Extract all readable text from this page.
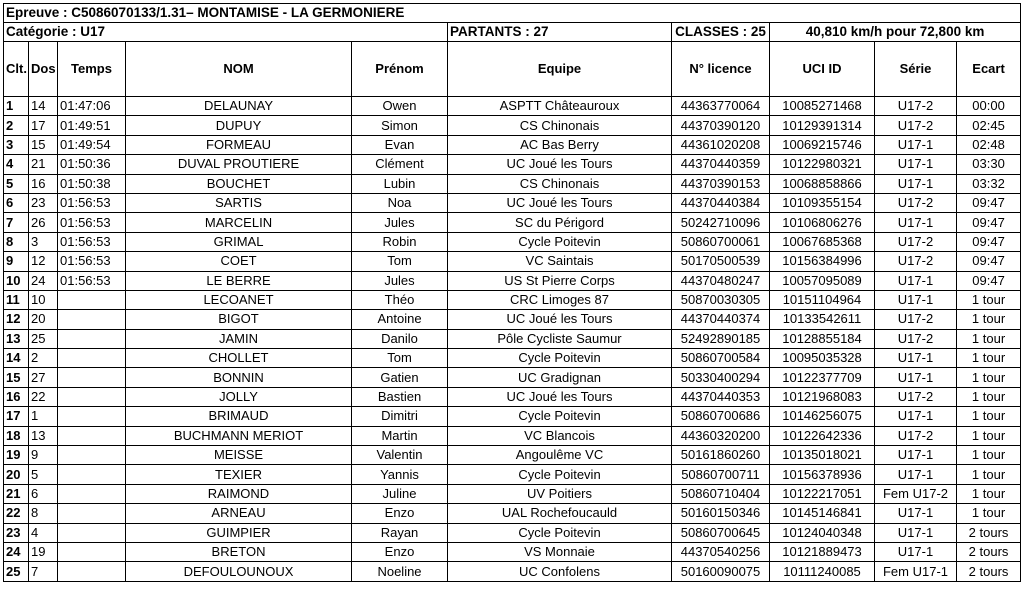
Epreuve : C5086070133/1.31– MONTAMISE - LA GERMONIERE									
Catégorie : U17					PARTANTS : 27	CLASSES : 25	40,810 km/h pour 72,800 km		
Clt.	Dos	Temps	NOM	Prénom	Equipe	N° licence	UCI ID	Série	Ecart
1	14	01:47:06	DELAUNAY	Owen	ASPTT Châteauroux	44363770064	10085271468	U17-2	00:00
2	17	01:49:51	DUPUY	Simon	CS Chinonais	44370390120	10129391314	U17-2	02:45
3	15	01:49:54	FORMEAU	Evan	AC Bas Berry	44361020208	10069215746	U17-1	02:48
4	21	01:50:36	DUVAL PROUTIERE	Clément	UC Joué les Tours	44370440359	10122980321	U17-1	03:30
5	16	01:50:38	BOUCHET	Lubin	CS Chinonais	44370390153	10068858866	U17-1	03:32
6	23	01:56:53	SARTIS	Noa	UC Joué les Tours	44370440384	10109355154	U17-2	09:47
7	26	01:56:53	MARCELIN	Jules	SC du Périgord	50242710096	10106806276	U17-1	09:47
8	3	01:56:53	GRIMAL	Robin	Cycle Poitevin	50860700061	10067685368	U17-2	09:47
9	12	01:56:53	COET	Tom	VC Saintais	50170500539	10156384996	U17-2	09:47
10	24	01:56:53	LE BERRE	Jules	US St Pierre Corps	44370480247	10057095089	U17-1	09:47
11	10		LECOANET	Théo	CRC Limoges 87	50870030305	10151104964	U17-1	1 tour
12	20		BIGOT	Antoine	UC Joué les Tours	44370440374	10133542611	U17-2	1 tour
13	25		JAMIN	Danilo	Pôle Cycliste Saumur	52492890185	10128855184	U17-2	1 tour
14	2		CHOLLET	Tom	Cycle Poitevin	50860700584	10095035328	U17-1	1 tour
15	27		BONNIN	Gatien	UC Gradignan	50330400294	10122377709	U17-1	1 tour
16	22		JOLLY	Bastien	UC Joué les Tours	44370440353	10121968083	U17-2	1 tour
17	1		BRIMAUD	Dimitri	Cycle Poitevin	50860700686	10146256075	U17-1	1 tour
18	13		BUCHMANN MERIOT	Martin	VC Blancois	44360320200	10122642336	U17-2	1 tour
19	9		MEISSE	Valentin	Angoulême VC	50161860260	10135018021	U17-1	1 tour
20	5		TEXIER	Yannis	Cycle Poitevin	50860700711	10156378936	U17-1	1 tour
21	6		RAIMOND	Juline	UV Poitiers	50860710404	10122217051	Fem U17-2	1 tour
22	8		ARNEAU	Enzo	UAL Rochefoucauld	50160150346	10145146841	U17-1	1 tour
23	4		GUIMPIER	Rayan	Cycle Poitevin	50860700645	10124040348	U17-1	2 tours
24	19		BRETON	Enzo	VS Monnaie	44370540256	10121889473	U17-1	2 tours
25	7		DEFOULOUNOUX	Noeline	UC Confolens	50160090075	10111240085	Fem U17-1	2 tours
